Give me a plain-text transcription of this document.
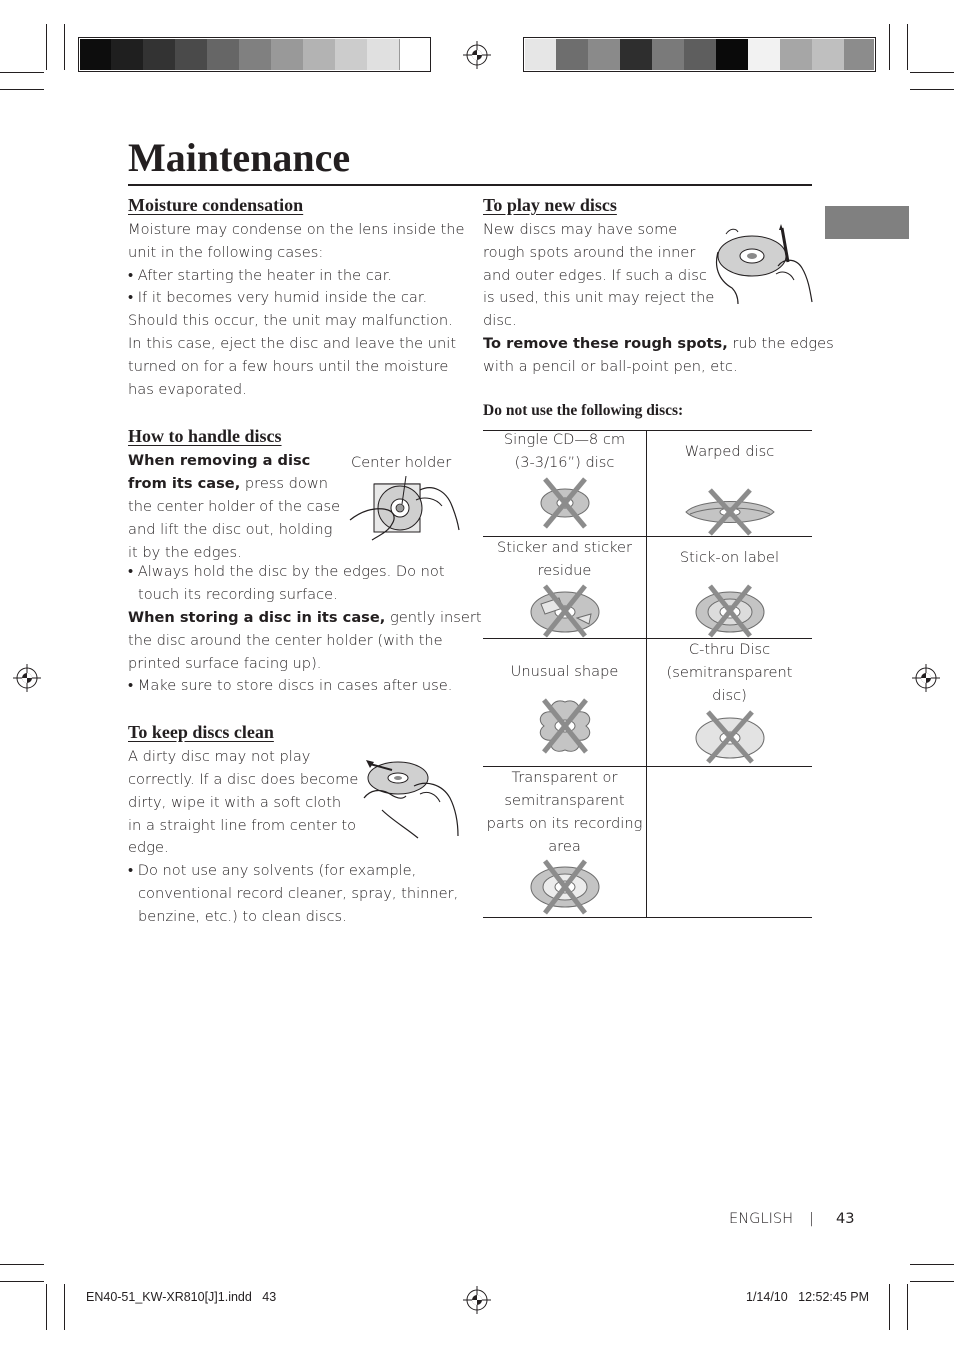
Maintenance
Moisture condensation
Moisture may condense on the lens inside the
unit in the following cases:
• After starting the heater in the car.
• If it becomes very humid inside the car.
Should this occur, the unit may malfunction.
In this case, eject the disc and leave the unit
turned on for a few hours until the moisture
has evaporated.
How to handle discs
When removing a disc
from its case, press down
the center holder of the case
and lift the disc out, holding
it by the edges.
• Always hold the disc by the edges. Do not
touch its recording surface.
When storing a disc in its case, gently insert
the disc around the center holder (with the
printed surface facing up).
• Make sure to store discs in cases after use.
To keep discs clean
A dirty disc may not play
correctly. If a disc does become
dirty, wipe it with a soft cloth
in a straight line from center to
edge.
• Do not use any solvents (for example,
conventional record cleaner, spray, thinner,
benzine, etc.) to clean discs.
Center holder
To play new discs
New discs may have some
rough spots around the inner
and outer edges. If such a disc
is used, this unit may reject the
disc.
To remove these rough spots, rub the edges
with a pencil or ball-point pen, etc.
Do not use the following discs:
Single CD—8 cm
(3-3/16”) disc	Warped disc

Sticker and sticker
residue	Stick-on label

Unusual shape	C-thru Disc
(semitransparent
disc)

Transparent or
semitransparent
parts on its recording
area	

ENGLISH | 43
EN40-51_KW-XR810[J]1.indd   43	1/14/10   12:52:45 PM
